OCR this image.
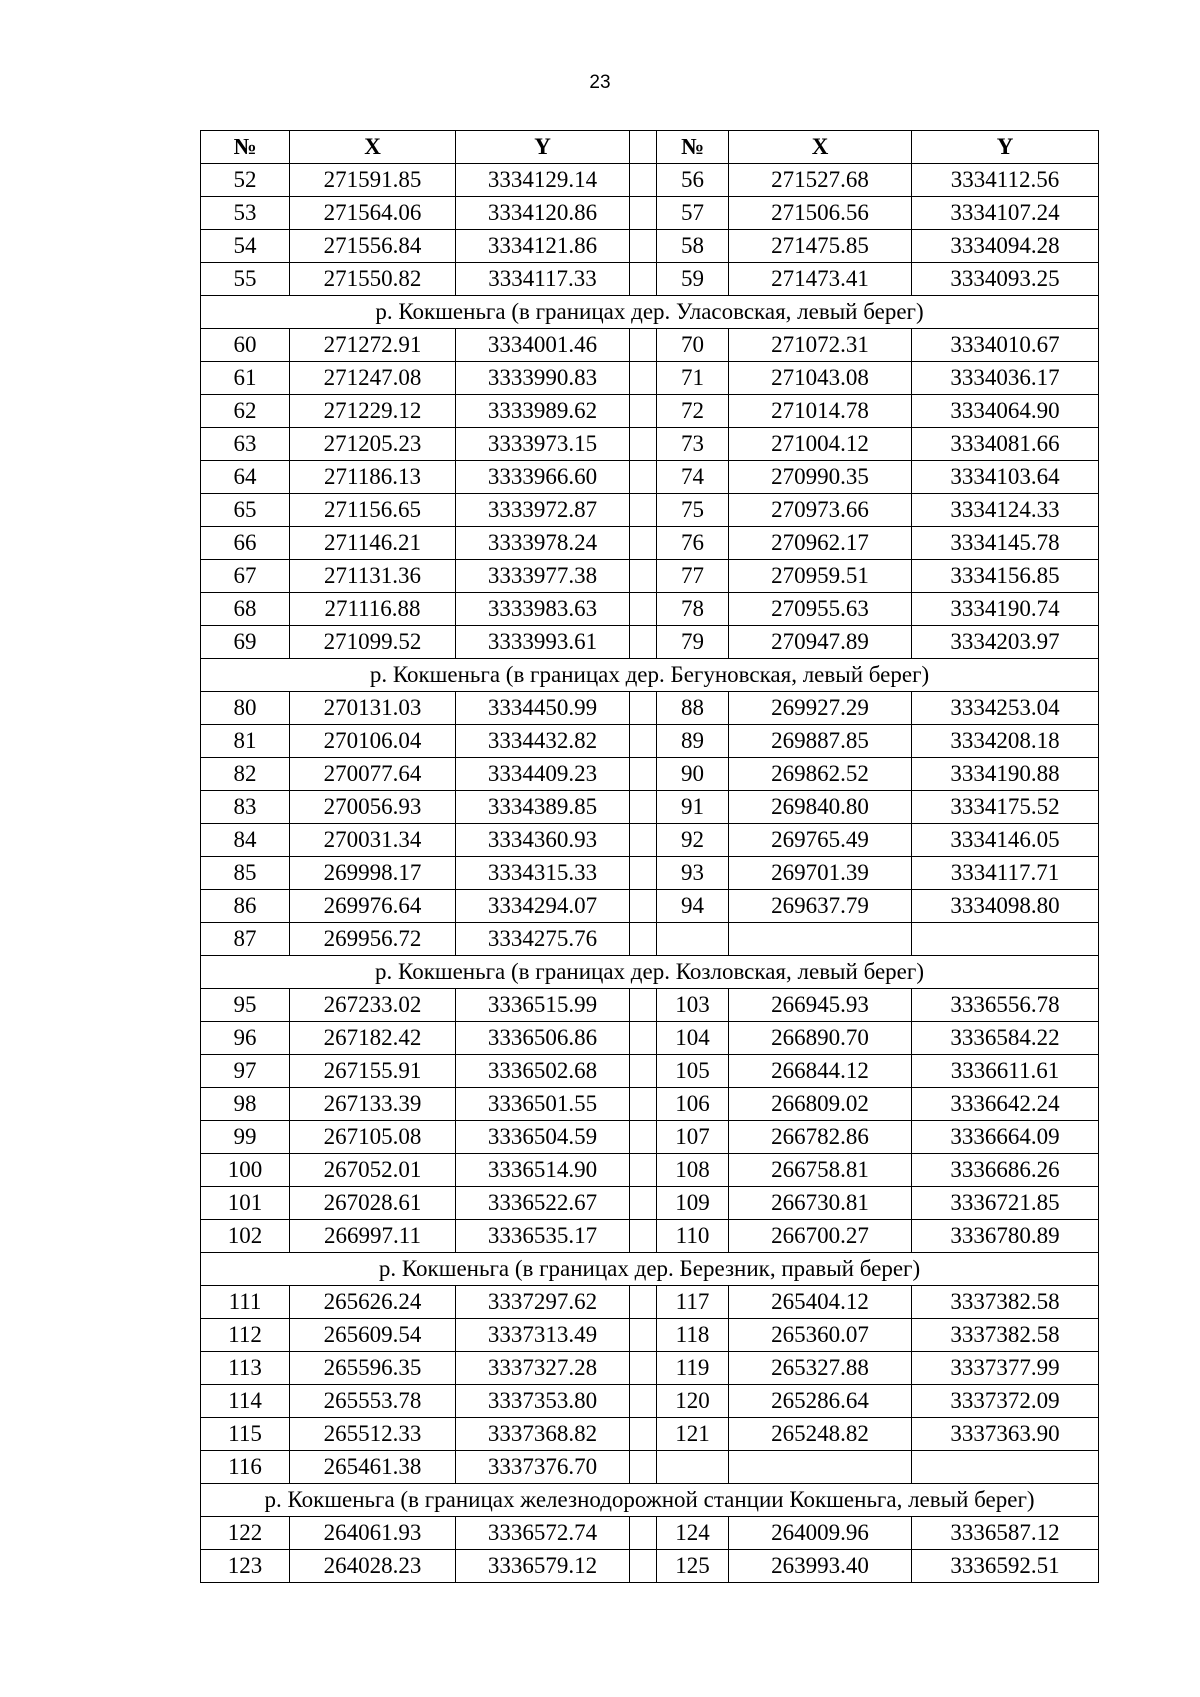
23
№	X	Y		№	X	Y
52	271591.85	3334129.14		56	271527.68	3334112.56
53	271564.06	3334120.86		57	271506.56	3334107.24
54	271556.84	3334121.86		58	271475.85	3334094.28
55	271550.82	3334117.33		59	271473.41	3334093.25
р. Кокшеньга (в границах дер. Уласовская, левый берег)						
60	271272.91	3334001.46		70	271072.31	3334010.67
61	271247.08	3333990.83		71	271043.08	3334036.17
62	271229.12	3333989.62		72	271014.78	3334064.90
63	271205.23	3333973.15		73	271004.12	3334081.66
64	271186.13	3333966.60		74	270990.35	3334103.64
65	271156.65	3333972.87		75	270973.66	3334124.33
66	271146.21	3333978.24		76	270962.17	3334145.78
67	271131.36	3333977.38		77	270959.51	3334156.85
68	271116.88	3333983.63		78	270955.63	3334190.74
69	271099.52	3333993.61		79	270947.89	3334203.97
р. Кокшеньга (в границах дер. Бегуновская, левый берег)						
80	270131.03	3334450.99		88	269927.29	3334253.04
81	270106.04	3334432.82		89	269887.85	3334208.18
82	270077.64	3334409.23		90	269862.52	3334190.88
83	270056.93	3334389.85		91	269840.80	3334175.52
84	270031.34	3334360.93		92	269765.49	3334146.05
85	269998.17	3334315.33		93	269701.39	3334117.71
86	269976.64	3334294.07		94	269637.79	3334098.80
87	269956.72	3334275.76				
р. Кокшеньга (в границах дер. Козловская, левый берег)						
95	267233.02	3336515.99		103	266945.93	3336556.78
96	267182.42	3336506.86		104	266890.70	3336584.22
97	267155.91	3336502.68		105	266844.12	3336611.61
98	267133.39	3336501.55		106	266809.02	3336642.24
99	267105.08	3336504.59		107	266782.86	3336664.09
100	267052.01	3336514.90		108	266758.81	3336686.26
101	267028.61	3336522.67		109	266730.81	3336721.85
102	266997.11	3336535.17		110	266700.27	3336780.89
р. Кокшеньга (в границах дер. Березник, правый берег)						
111	265626.24	3337297.62		117	265404.12	3337382.58
112	265609.54	3337313.49		118	265360.07	3337382.58
113	265596.35	3337327.28		119	265327.88	3337377.99
114	265553.78	3337353.80		120	265286.64	3337372.09
115	265512.33	3337368.82		121	265248.82	3337363.90
116	265461.38	3337376.70				
р. Кокшеньга (в границах железнодорожной станции Кокшеньга, левый берег)						
122	264061.93	3336572.74		124	264009.96	3336587.12
123	264028.23	3336579.12		125	263993.40	3336592.51
